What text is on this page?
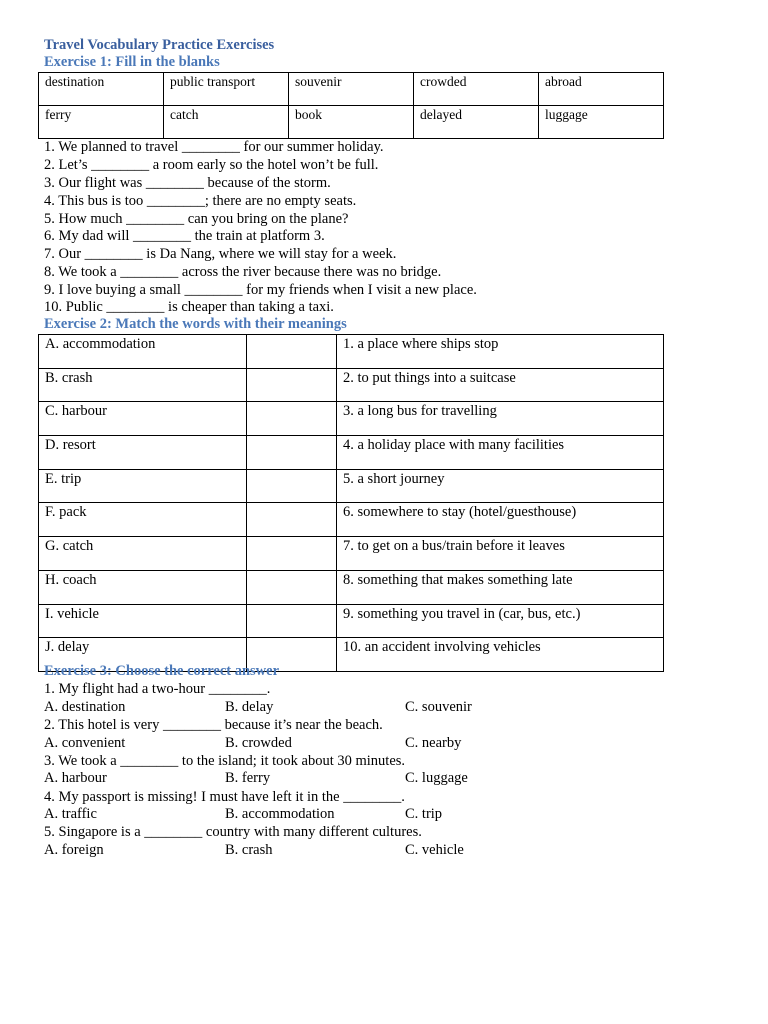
Travel Vocabulary Practice Exercises
Exercise 1: Fill in the blanks
destination	public transport	souvenir	crowded	abroad
ferry	catch	book	delayed	luggage
1. We planned to travel ________ for our summer holiday.
2. Let’s ________ a room early so the hotel won’t be full.
3. Our flight was ________ because of the storm.
4. This bus is too ________; there are no empty seats.
5. How much ________ can you bring on the plane?
6. My dad will ________ the train at platform 3.
7. Our ________ is Da Nang, where we will stay for a week.
8. We took a ________ across the river because there was no bridge.
9. I love buying a small ________ for my friends when I visit a new place.
10. Public ________ is cheaper than taking a taxi.
Exercise 2: Match the words with their meanings
A. accommodation		1. a place where ships stop
B. crash		2. to put things into a suitcase
C. harbour		3. a long bus for travelling
D. resort		4. a holiday place with many facilities
E. trip		5. a short journey
F. pack		6. somewhere to stay (hotel/guesthouse)
G. catch		7. to get on a bus/train before it leaves
H. coach		8. something that makes something late
I. vehicle		9. something you travel in (car, bus, etc.)
J. delay		10. an accident involving vehicles
Exercise 3: Choose the correct answer
1. My flight had a two-hour ________.
A. destination	B. delay	C. souvenir
2. This hotel is very ________ because it’s near the beach.
A. convenient	B. crowded	C. nearby
3. We took a ________ to the island; it took about 30 minutes.
A. harbour	B. ferry	C. luggage
4. My passport is missing! I must have left it in the ________.
A. traffic	B. accommodation	C. trip
5. Singapore is a ________ country with many different cultures.
A. foreign	B. crash	C. vehicle
